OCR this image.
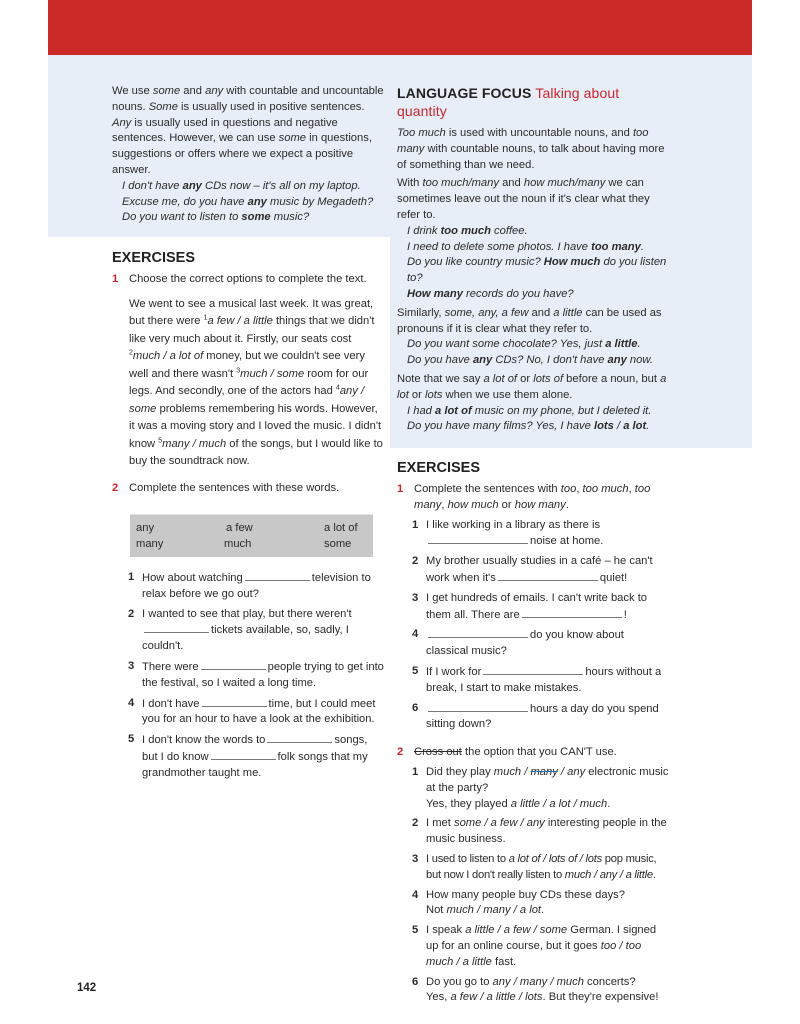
We use some and any with countable and uncountable nouns. Some is usually used in positive sentences. Any is usually used in questions and negative sentences. However, we can use some in questions, suggestions or offers where we expect a positive answer.

I don't have any CDs now – it's all on my laptop.

Excuse me, do you have any music by Megadeth?

Do you want to listen to some music?

LANGUAGE FOCUS Talking about quantity

Too much is used with uncountable nouns, and too many with countable nouns, to talk about having more of something than we need.

With too much/many and how much/many we can sometimes leave out the noun if it's clear what they refer to.

I drink too much coffee.

I need to delete some photos. I have too many.

Do you like country music? How much do you listen to?

How many records do you have?

Similarly, some, any, a few and a little can be used as pronouns if it is clear what they refer to.

Do you want some chocolate? Yes, just a little.

Do you have any CDs? No, I don't have any now.

Note that we say a lot of or lots of before a noun, but a lot or lots when we use them alone.

I had a lot of music on my phone, but I deleted it.

Do you have many films? Yes, I have lots / a lot.

EXERCISES
1 Choose the correct options to complete the text.

We went to see a musical last week. It was great, but there were $^1$a few / a little things that we didn't like very much about it. Firstly, our seats cost $^2$much / a lot of money, but we couldn't see very well and there wasn't $^3$much / some room for our legs. And secondly, one of the actors had $^4$any / some problems remembering his words. However, it was a moving story and I loved the music. I didn't know $^5$many / much of the songs, but I would like to buy the soundtrack now.

2 Complete the sentences with these words.
any	a few	a lot of
many	much	some
1 How about watching	television to relax before we go out?
2 I wanted to see that play, but there weren't tickets available, so, sadly, I couldn't.
3 There were	people trying to get into the festival, so I waited a long time.
4 I don't have	time, but I could meet you for an hour to have a look at the exhibition.
5 I don't know the words to	songs, but I do know	folk songs that my grandmother taught me.
EXERCISES
1 Complete the sentences with too, too much, too many, how much or how many.
1 I like working in a library as there is noise at home.
2 My brother usually studies in a café – he can't work when it's	quiet!
3 I get hundreds of emails. I can't write back to them all. There are	!
4	do you know about classical music?
5 If I work for	hours without a break, I start to make mistakes.
6	hours a day do you spend sitting down?
2 Cross out the option that you CAN'T use.
1 Did they play much / many / any electronic music at the party?
Yes, they played a little / a lot / much.
2 I met some / a few / any interesting people in the music business.
3 I used to listen to a lot of / lots of / lots pop music, but now I don't really listen to much / any / a little.
4 How many people buy CDs these days?
Not much / many / a lot.
5 I speak a little / a few / some German. I signed up for an online course, but it goes too / too much / a little fast.
6 Do you go to any / many / much concerts?
Yes, a few / a little / lots. But they're expensive!
142
